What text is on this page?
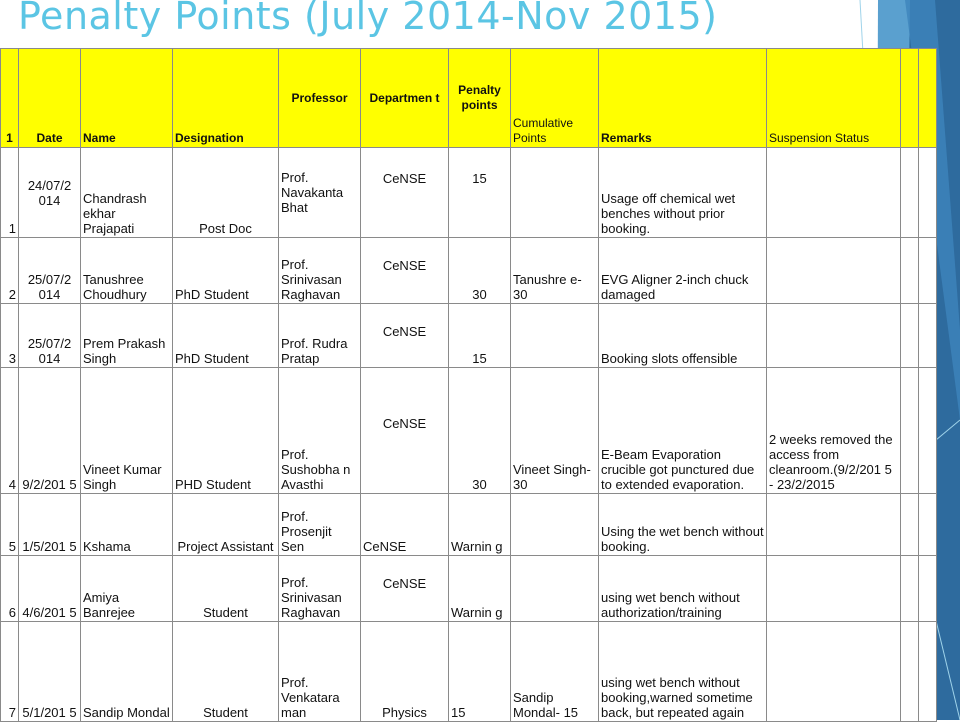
Penalty Points (July 2014-Nov 2015)
1	Date	Name	Designation	Professor	Departmen t	Penalty points	Cumulative Points	Remarks	Suspension Status		
1	24/07/2 014	Chandrash ekhar Prajapati	Post Doc	Prof. Navakanta Bhat	CeNSE	15		Usage off chemical wet benches without prior booking.			
2	25/07/2 014	Tanushree Choudhury	PhD Student	Prof. Srinivasan Raghavan	CeNSE	30	Tanushre e- 30	EVG Aligner 2-inch chuck damaged			
3	25/07/2 014	Prem Prakash Singh	PhD Student	Prof. Rudra Pratap	CeNSE	15		Booking slots offensible			
4	9/2/201 5	Vineet Kumar Singh	PHD Student	Prof. Sushobha n Avasthi	CeNSE	30	Vineet Singh- 30	E-Beam Evaporation crucible got punctured due to extended evaporation.	2 weeks removed the access from cleanroom.(9/2/201 5 - 23/2/2015		
5	1/5/201 5	Kshama	Project Assistant	Prof. Prosenjit Sen	CeNSE	Warnin g		Using the wet bench without booking.			
6	4/6/201 5	Amiya Banrejee	Student	Prof. Srinivasan Raghavan	CeNSE	Warnin g		using wet bench without authorization/training			
7	5/1/201 5	Sandip Mondal	Student	Prof. Venkatara man	Physics	15	Sandip Mondal- 15	using wet bench without booking,warned sometime back, but repeated again			
